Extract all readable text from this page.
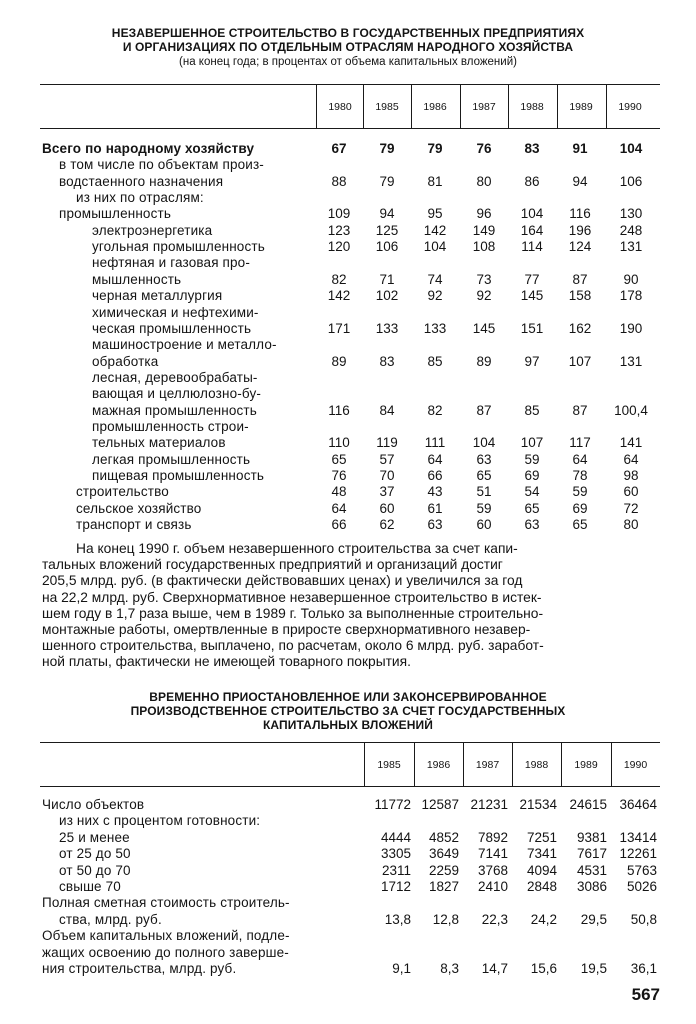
НЕЗАВЕРШЕННОЕ СТРОИТЕЛЬСТВО В ГОСУДАРСТВЕННЫХ ПРЕДПРИЯТИЯХ
И ОРГАНИЗАЦИЯХ ПО ОТДЕЛЬНЫМ ОТРАСЛЯМ НАРОДНОГО ХОЗЯЙСТВА
(на конец года; в процентах от объема капитальных вложений)
1980	1985	1986	1987	1988	1989	1990
Всего по народному хозяйству	67	79	79	76	83	91	104
в том числе по объектам произ-
водстаенного назначения	88	79	81	80	86	94	106
из них по отраслям:
промышленность	109	94	95	96	104	116	130
электроэнергетика	123	125	142	149	164	196	248
угольная промышленность	120	106	104	108	114	124	131
нефтяная и газовая про-
мышленность	82	71	74	73	77	87	90
черная металлургия	142	102	92	92	145	158	178
химическая и нефтехими-
ческая промышленность	171	133	133	145	151	162	190
машиностроение и металло-
обработка	89	83	85	89	97	107	131
лесная, деревообрабаты-
вающая и целлюлозно-бу-
мажная промышленность	116	84	82	87	85	87	100,4
промышленность строи-
тельных материалов	110	119	111	104	107	117	141
легкая промышленность	65	57	64	63	59	64	64
пищевая промышленность	76	70	66	65	69	78	98
строительство	48	37	43	51	54	59	60
сельское хозяйство	64	60	61	59	65	69	72
транспорт и связь	66	62	63	60	63	65	80
На конец 1990 г. объем незавершенного строительства за счет капи-
тальных вложений государственных предприятий и организаций достиг
205,5 млрд. руб. (в фактически действовавших ценах) и увеличился за год
на 22,2 млрд. руб. Сверхнормативное незавершенное строительство в истек-
шем году в 1,7 раза выше, чем в 1989 г. Только за выполненные строительно-
монтажные работы, омертвленные в приросте сверхнормативного незавер-
шенного строительства, выплачено, по расчетам, около 6 млрд. руб. заработ-
ной платы, фактически не имеющей товарного покрытия.
ВРЕМЕННО ПРИОСТАНОВЛЕННОЕ ИЛИ ЗАКОНСЕРВИРОВАННОЕ
ПРОИЗВОДСТВЕННОЕ СТРОИТЕЛЬСТВО ЗА СЧЕТ ГОСУДАРСТВЕННЫХ
КАПИТАЛЬНЫХ ВЛОЖЕНИЙ
1985	1986	1987	1988	1989	1990
Число объектов	11772 12587 21231 21534 24615 36464
из них с процентом готовности:
25 и менее	4444	4852	7892	7251	9381 13414
от 25 до 50	3305	3649	7141	7341	7617 12261
от 50 до 70	2311	2259	3768	4094	4531	5763
свыше 70	1712	1827	2410	2848	3086	5026
Полная сметная стоимость строитель-
ства, млрд. руб.	13,8	12,8	22,3	24,2	29,5	50,8
Объем капитальных вложений, подле-
жащих освоению до полного заверше-
ния строительства, млрд. руб.	9,1	8,3	14,7	15,6	19,5	36,1
567
